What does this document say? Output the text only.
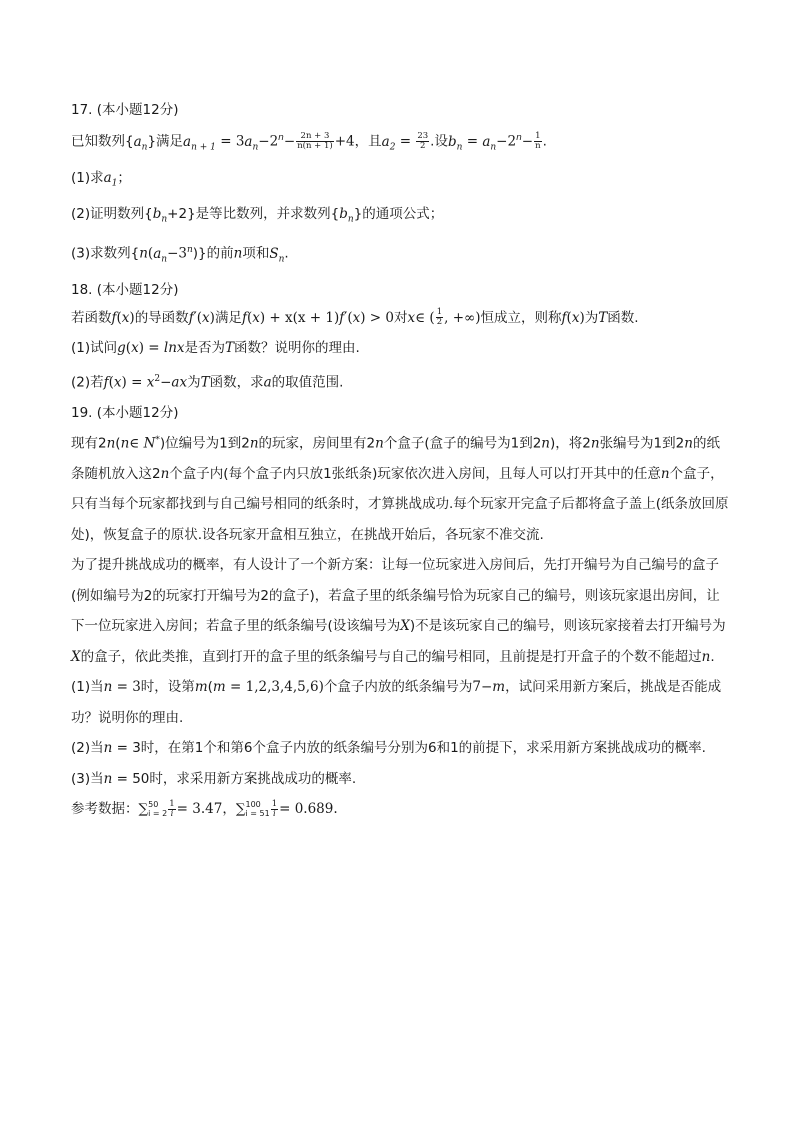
17. (本小题12分)
已知数列$\{a_n\}$满足$a_{n + 1} = 3a_n-2^n- \frac{2n + 3}{n(n + 1)} +4$，且$a_2 = \frac{23}{2}$ .设$b_n = a_n-2^n- \frac{1}{n}$ .
(1)求$a_1$；
(2)证明数列$\{b_n+2\}$是等比数列，并求数列$\{b_n\}$的通项公式；
(3)求数列$\{n(a_n-3^n)\}$的前n项和$S_n$.
18. (本小题12分)
若函数f(x)的导函数f′(x)满足f(x) + x(x + 1)f′(x) > 0对x∈ ( $\frac{1}{2}$ , +∞)恒成立，则称f(x)为T函数.
(1)试问g(x) = lnx是否为T函数？说明你的理由.
(2)若$f(x) = x^2-ax$为T函数，求a的取值范围.
19. (本小题12分)

现有2n(n∈ N*)位编号为1到2n的玩家，房间里有2n个盒子(盒子的编号为1到2n)，将2n张编号为1到2n的纸条随机放入这2n个盒子内(每个盒子内只放1张纸条)玩家依次进入房间，且每人可以打开其中的任意n个盒子，只有当每个玩家都找到与自己编号相同的纸条时，才算挑战成功.每个玩家开完盒子后都将盒子盖上(纸条放回原处)，恢复盒子的原状.设各玩家开盒相互独立，在挑战开始后，各玩家不准交流.

为了提升挑战成功的概率，有人设计了一个新方案：让每一位玩家进入房间后，先打开编号为自己编号的盒子(例如编号为2的玩家打开编号为2的盒子)，若盒子里的纸条编号恰为玩家自己的编号，则该玩家退出房间，让下一位玩家进入房间；若盒子里的纸条编号(设该编号为X)不是该玩家自己的编号，则该玩家接着去打开编号为X的盒子，依此类推，直到打开的盒子里的纸条编号与自己的编号相同，且前提是打开盒子的个数不能超过n.

(1)当n = 3时，设第m(m = 1,2,3,4,5,6)个盒子内放的纸条编号为7−m，试问采用新方案后，挑战是否能成功？说明你的理由.

(2)当n = 3时，在第1个和第6个盒子内放的纸条编号分别为6和1的前提下，求采用新方案挑战成功的概率.

(3)当n = 50时，求采用新方案挑战成功的概率.

参考数据：∑ 50
$i = 2 \frac{1}{i} = 3.47$，∑ 100
$i = 51 \frac{1}{i} = 0.689$.
